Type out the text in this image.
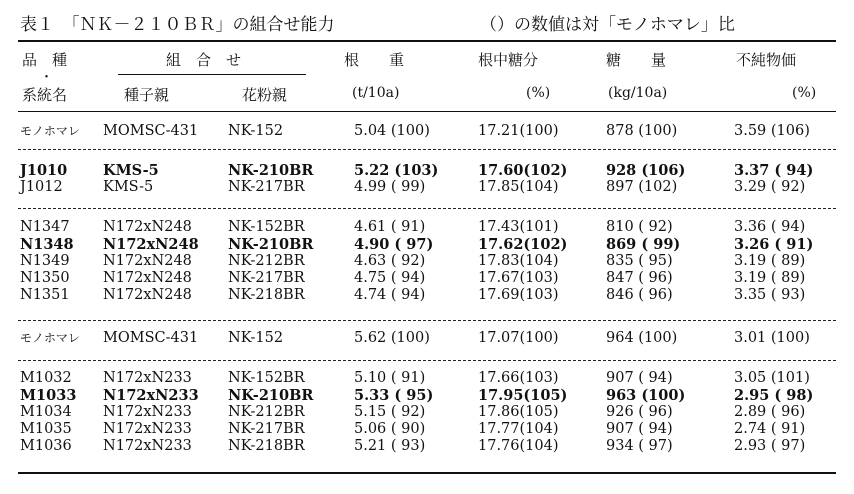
表１　「ＮＫ－２１０ＢＲ」の組合せ能力	（）の数値は対「モノホマレ」比
品　種
・
組　合　せ	根　　重	根中糖分	糖　　量	不純物価
系統名	種子親	花粉親	(t/10a)	(%)	(kg/10a)	(%)
モノホマレ	MOMSC-431	NK-152	5.04 (100)	17.21(100)	878 (100)	3.59 (106)
J1010	KMS-5	NK-210BR	5.22 (103)	17.60(102)	928 (106)	3.37 ( 94)
J1012	KMS-5	NK-217BR	4.99 ( 99)	17.85(104)	897 (102)	3.29 ( 92)
N1347	N172xN248	NK-152BR	4.61 ( 91)	17.43(101)	810 ( 92)	3.36 ( 94)
N1348	N172xN248	NK-210BR	4.90 ( 97)	17.62(102)	869 ( 99)	3.26 ( 91)
N1349	N172xN248	NK-212BR	4.63 ( 92)	17.83(104)	835 ( 95)	3.19 ( 89)
N1350	N172xN248	NK-217BR	4.75 ( 94)	17.67(103)	847 ( 96)	3.19 ( 89)
N1351	N172xN248	NK-218BR	4.74 ( 94)	17.69(103)	846 ( 96)	3.35 ( 93)
モノホマレ	MOMSC-431	NK-152	5.62 (100)	17.07(100)	964 (100)	3.01 (100)
M1032	N172xN233	NK-152BR	5.10 ( 91)	17.66(103)	907 ( 94)	3.05 (101)
M1033	N172xN233	NK-210BR	5.33 ( 95)	17.95(105)	963 (100)	2.95 ( 98)
M1034	N172xN233	NK-212BR	5.15 ( 92)	17.86(105)	926 ( 96)	2.89 ( 96)
M1035	N172xN233	NK-217BR	5.06 ( 90)	17.77(104)	907 ( 94)	2.74 ( 91)
M1036	N172xN233	NK-218BR	5.21 ( 93)	17.76(104)	934 ( 97)	2.93 ( 97)
